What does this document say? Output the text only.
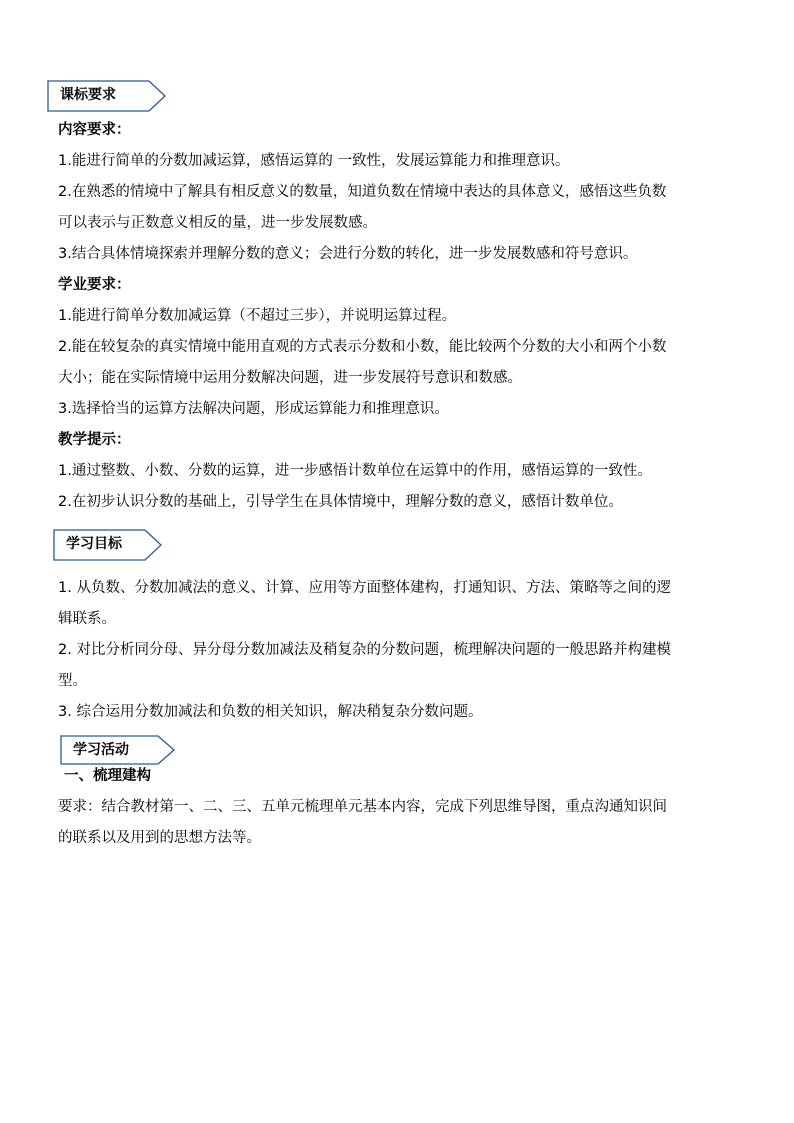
课标要求
内容要求：
1.能进行简单的分数加减运算，感悟运算的 一致性，发展运算能力和推理意识。
2.在熟悉的情境中了解具有相反意义的数量，知道负数在情境中表达的具体意义，感悟这些负数
可以表示与正数意义相反的量，进一步发展数感。
3.结合具体情境探索并理解分数的意义；会进行分数的转化，进一步发展数感和符号意识。
学业要求：
1.能进行简单分数加减运算（不超过三步），并说明运算过程。
2.能在较复杂的真实情境中能用直观的方式表示分数和小数，能比较两个分数的大小和两个小数
大小；能在实际情境中运用分数解决问题，进一步发展符号意识和数感。
3.选择恰当的运算方法解决问题，形成运算能力和推理意识。
教学提示：
1.通过整数、小数、分数的运算，进一步感悟计数单位在运算中的作用，感悟运算的一致性。
2.在初步认识分数的基础上，引导学生在具体情境中，理解分数的意义，感悟计数单位。
学习目标
1. 从负数、分数加减法的意义、计算、应用等方面整体建构，打通知识、方法、策略等之间的逻
辑联系。
2. 对比分析同分母、异分母分数加减法及稍复杂的分数问题，梳理解决问题的一般思路并构建模
型。
3. 综合运用分数加减法和负数的相关知识，解决稍复杂分数问题。
学习活动
一、梳理建构
要求：结合教材第一、二、三、五单元梳理单元基本内容，完成下列思维导图，重点沟通知识间
的联系以及用到的思想方法等。
